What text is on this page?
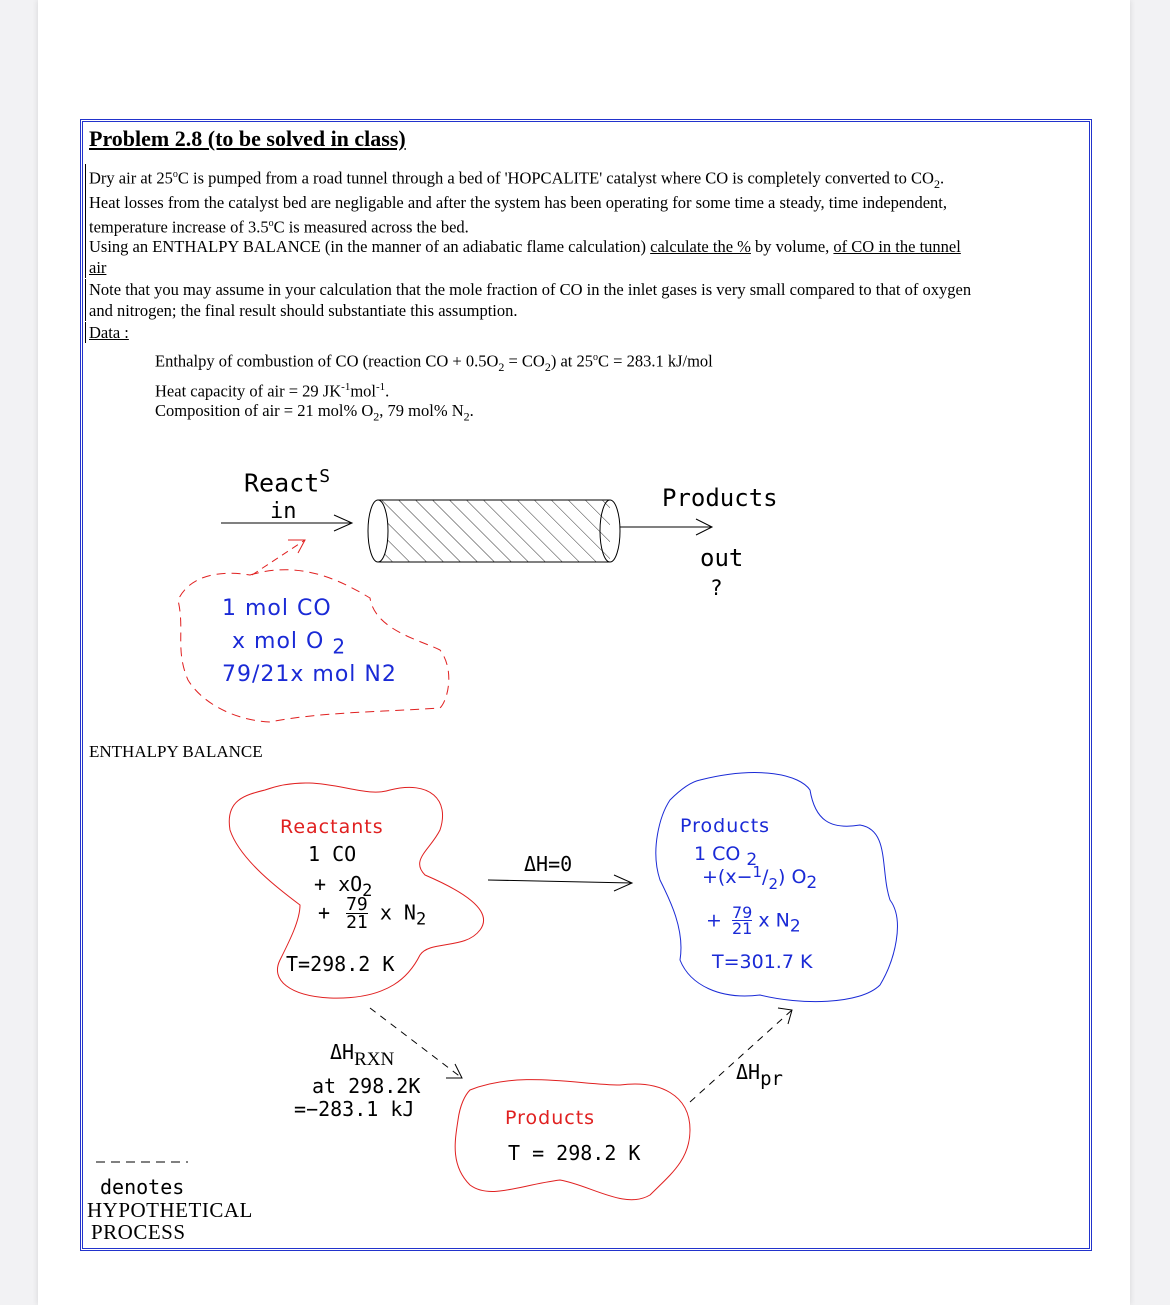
Problem 2.8 (to be solved in class)
Dry air at 25$^o$C is pumped from a road tunnel through a bed of 'HOPCALITE' catalyst where CO is completely converted to $CO_2$.
Heat losses from the catalyst bed are negligable and after the system has been operating for some time a steady, time independent,
temperature increase of 3.5$^o$C is measured across the bed.
Using an ENTHALPY BALANCE (in the manner of an adiabatic flame calculation) calculate the % by volume, of CO in the tunnel
air
Note that you may assume in your calculation that the mole fraction of CO in the inlet gases is very small compared to that of oxygen
and nitrogen; the final result should substantiate this assumption.
Data :
Enthalpy of combustion of CO (reaction CO + $0.5O_2 = CO_2$) at $25^oC = 283.1$ kJ/mol
Heat capacity of air = 29 $JK^{-1}mol^{-1}$.
Composition of air = 21 mol% $O_2$, 79 mol% $N_2$.
React$^S$
in	Products
out
?
1 mol CO
x mol O $_2$
79/21x mol N2
ENTHALPY BALANCE
Reactants
1 CO
+ $xO_2$
+ $\frac{79}{21}$ x $N_2$
T=298.2 K
ΔH=0
Products
1 CO $_2$
$+(x-^1/_2)$ $O_2$
+ $\frac{79}{21}$ x $N_2$
T=301.7 K
$\Delta H_{RXN}$
at 298.2K
=−283.1 kJ
$\Delta H_{pr}$
Products
T = 298.2 K
denotes
HYPOTHETICAL
PROCESS
